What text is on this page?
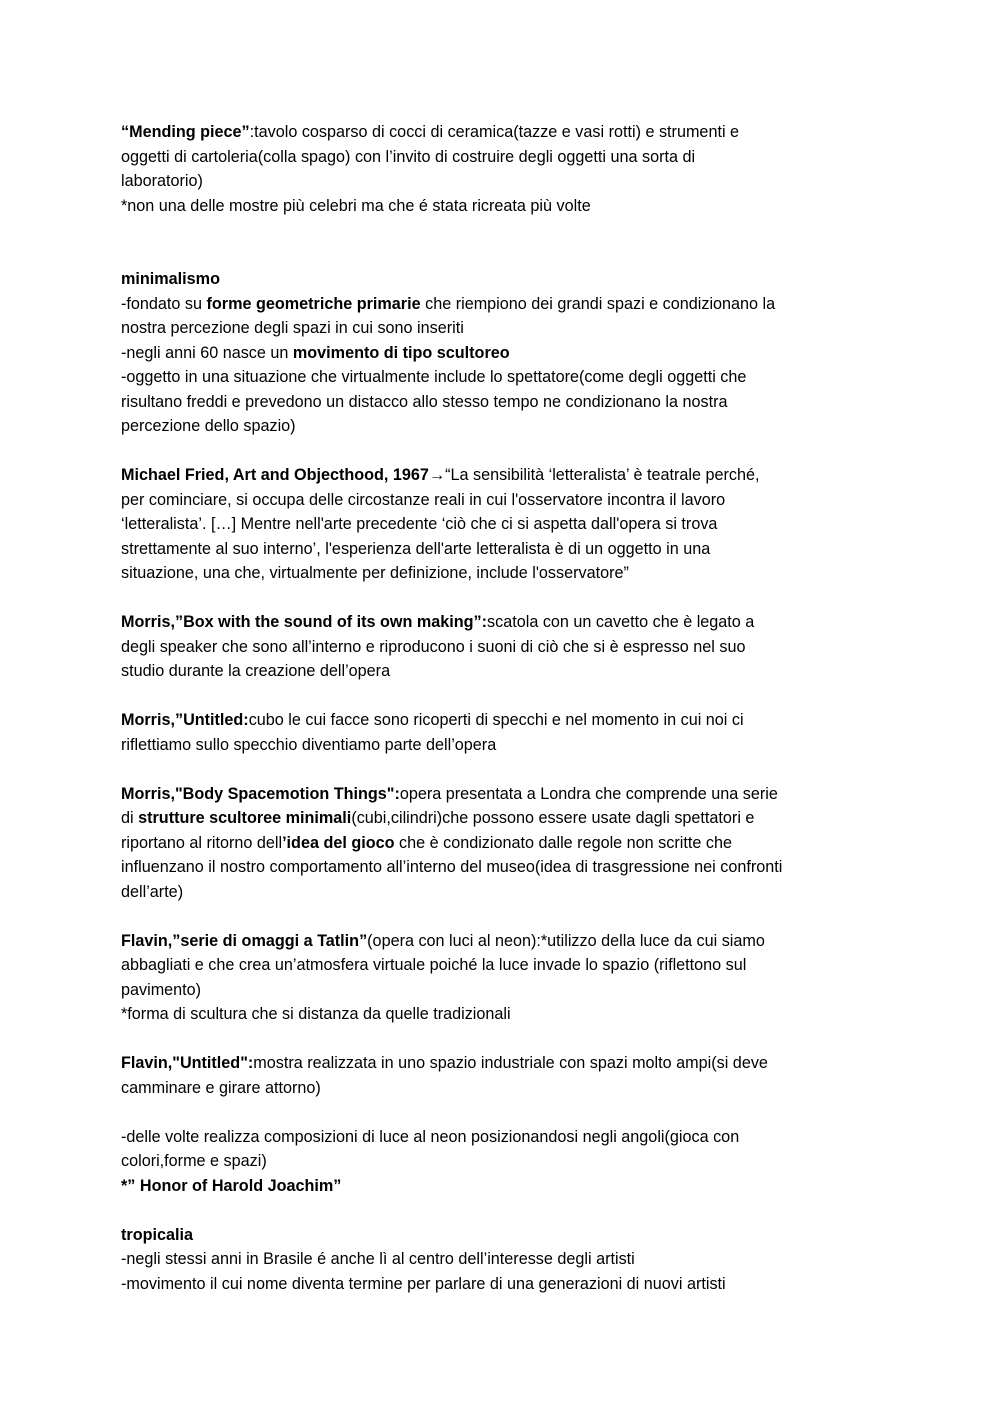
“Mending piece”:tavolo cosparso di cocci di ceramica(tazze e vasi rotti) e strumenti e
oggetti di cartoleria(colla spago) con l’invito di costruire degli oggetti una sorta di
laboratorio)
*non una delle mostre più celebri ma che é stata ricreata più volte

minimalismo
-fondato su forme geometriche primarie che riempiono dei grandi spazi e condizionano la
nostra percezione degli spazi in cui sono inseriti
-negli anni 60 nasce un movimento di tipo scultoreo
-oggetto in una situazione che virtualmente include lo spettatore(come degli oggetti che
risultano freddi e prevedono un distacco allo stesso tempo ne condizionano la nostra
percezione dello spazio)

Michael Fried, Art and Objecthood, 1967→“La sensibilità ‘letteralista’ è teatrale perché,
per cominciare, si occupa delle circostanze reali in cui l'osservatore incontra il lavoro
‘letteralista’. […] Mentre nell'arte precedente ‘ciò che ci si aspetta dall'opera si trova
strettamente al suo interno’, l'esperienza dell'arte letteralista è di un oggetto in una
situazione, una che, virtualmente per definizione, include l'osservatore”

Morris,”Box with the sound of its own making”:scatola con un cavetto che è legato a
degli speaker che sono all’interno e riproducono i suoni di ciò che si è espresso nel suo
studio durante la creazione dell’opera

Morris,”Untitled:cubo le cui facce sono ricoperti di specchi e nel momento in cui noi ci
riflettiamo sullo specchio diventiamo parte dell’opera

Morris,"Body Spacemotion Things":opera presentata a Londra che comprende una serie
di strutture scultoree minimali(cubi,cilindri)che possono essere usate dagli spettatori e
riportano al ritorno dell’idea del gioco che è condizionato dalle regole non scritte che
influenzano il nostro comportamento all’interno del museo(idea di trasgressione nei confronti
dell’arte)

Flavin,”serie di omaggi a Tatlin”(opera con luci al neon):*utilizzo della luce da cui siamo
abbagliati e che crea un’atmosfera virtuale poiché la luce invade lo spazio (riflettono sul
pavimento)
*forma di scultura che si distanza da quelle tradizionali

Flavin,"Untitled":mostra realizzata in uno spazio industriale con spazi molto ampi(si deve
camminare e girare attorno)

-delle volte realizza composizioni di luce al neon posizionandosi negli angoli(gioca con
colori,forme e spazi)
*” Honor of Harold Joachim”

tropicalia
-negli stessi anni in Brasile é anche lì al centro dell’interesse degli artisti
-movimento il cui nome diventa termine per parlare di una generazioni di nuovi artisti
